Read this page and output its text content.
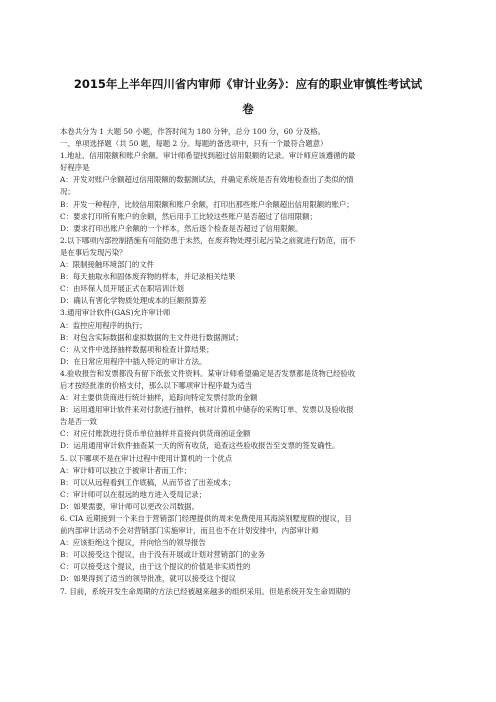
2015年上半年四川省内审师《审计业务》：应有的职业审慎性考试试
卷
本卷共分为 1 大题 50 小题，作答时间为 180 分钟，总分 100 分，60 分及格。
一、单项选择题（共 50 题，每题 2 分。每题的备选项中，只有一个最符合题意）
1.地址、信用限额和账户余额。审计师希望找到超过信用限额的记录。审计师应该遵循的最
好程序是
A：开发对账户余额超过信用限额的数据测试法，并确定系统是否有效地检查出了类似的情
况；
B：开发一种程序，比较信用限额和账户余额，打印出那些账户余额超出信用限额的账户；
C：要求打印所有账户的余额，然后用手工比较这些账户是否超过了信用限额；
D：要求打印出账户余额的一个样本，然后逐个检查是否超过了信用限额。
2.以下哪项内部控制措施有可能防患于未然，在废弃物处理引起污染之前就进行防范，而不
是在事后发现污染？
A：限制接触环境部门的文件
B：每天抽取水和固体废弃物的样本，并记录相关结果
C：由环保人员开展正式在职培训计划
D：确认有害化学物质处理成本的巨额预算差
3.通用审计软件(GAS)允许审计师
A：监控应用程序的执行；
B：对包含实际数据和虚拟数据的主文件进行数据测试；
C：从文件中选择抽样数据项和检查计算结果；
D：在日常应用程序中插入特定的审计方法。
4.验收报告和发票都没有留下纸张文件资料。某审计师希望确定是否发票都是货物已经验收
后才按经批准的价格支付，那么以下哪项审计程序最为适当
A：对主要供货商进行统计抽样，追踪向特定发票付款的金额
B：运用通用审计软件来对付款进行抽样，核对计算机中储存的采购订单、发票以及验收报
告是否一致
C：对应付账款进行货币单位抽样并直接向供货商函证金额
D：运用通用审计软件抽查某一天的所有收货，追查这些验收报告至支票的签发确性。
5. 以下哪项不是在审计过程中使用计算机的一个优点
A：审计师可以独立于被审计者而工作；
B：可以从远程看到工作底稿，从而节省了出差成本；
C：审计师可以在很远的地方进入受局记录；
D：如果需要，审计师可以更改公司数据。
6. CIA 近期接到一个来自于营销部门经理提供的周末免费使用其海滨别墅度假的提议，目
前内部审计活动不会对营销部门实施审计，而且也不在计划安排中，内部审计师
A：应该拒绝这个提议，并向恰当的领导报告
B：可以接受这个提议，由于没有开展或计划对营销部门的业务
C：可以接受这个提议，由于这个提议的价值是非实质性的
D：如果得到了适当的领导批准，就可以接受这个提议
7. 目前，系统开发生命周期的方法已经被越来越多的组织采用。但是系统开发生命周期的
